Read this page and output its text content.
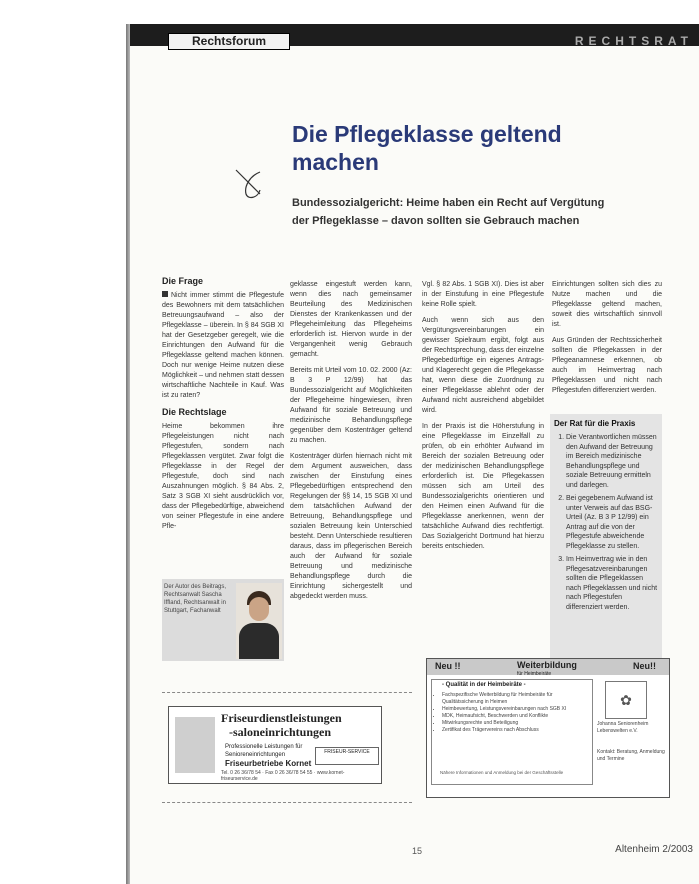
Rechtsforum	RECHTSRAT
Die Pflegeklasse geltend machen

Bundessozialgericht: Heime haben ein Recht auf Vergütung der Pflegeklasse – davon sollten sie Gebrauch machen

Die Frage

Nicht immer stimmt die Pflegestufe des Bewohners mit dem tatsächlichen Betreuungsaufwand – also der Pflegeklasse – überein. In § 84 SGB XI hat der Gesetzgeber geregelt, wie die Einrichtungen den Aufwand für die Pflegeklasse geltend machen können. Doch nur wenige Heime nutzen diese Möglichkeit – und nehmen statt dessen wirtschaftliche Nachteile in Kauf. Was ist zu raten?

Die Rechtslage

Heime bekommen ihre Pflegeleistungen nicht nach Pflegestufen, sondern nach Pflegeklassen vergütet. Zwar folgt die Pflegeklasse in der Regel der Pflegestufe, doch sind nach Auszahnungen möglich. § 84 Abs. 2, Satz 3 SGB XI sieht ausdrücklich vor, dass der Pflegebedürftige, abweichend von seiner Pflegestufe in eine andere Pfle-

Der Autor des Beitrags, Rechtsanwalt Sascha Iffland, Rechtsanwalt in Stuttgart, Fachanwalt

geklasse eingestuft werden kann, wenn dies nach gemeinsamer Beurteilung des Medizinischen Dienstes der Krankenkassen und der Pflegeheimleitung das Pflegeheims erforderlich ist. Hiervon wurde in der Vergangenheit wenig Gebrauch gemacht.

Bereits mit Urteil vom 10. 02. 2000 (Az: B 3 P 12/99) hat das Bundessozialgericht auf Möglichkeiten der Pflegeheime hingewiesen, ihren Aufwand für soziale Betreuung und medizinische Behandlungspflege gegenüber dem Kostenträger geltend zu machen.

Kostenträger dürfen hiernach nicht mit dem Argument ausweichen, dass zwischen der Einstufung eines Pflegebedürftigen entsprechend den Regelungen der §§ 14, 15 SGB XI und dem tatsächlichen Aufwand der Betreuung, Behandlungspflege und sozialen Betreuung kein Unterschied besteht. Denn Unterschiede resultieren daraus, dass im pflegerischen Bereich auch der Aufwand für soziale Betreuung und medizinische Behandlungspflege durch die Einrichtung sichergestellt und abgedeckt werden muss.

Vgl. § 82 Abs. 1 SGB XI). Dies ist aber in der Einstufung in eine Pflegestufe keine Rolle spielt.

Auch wenn sich aus den Vergütungsvereinbarungen ein gewisser Spielraum ergibt, folgt aus der Rechtsprechung, dass der einzelne Pflegebedürftige ein eigenes Antrags- und Klagerecht gegen die Pflegekasse hat, wenn diese die Zuordnung zu einer Pflegeklasse ablehnt oder der Aufwand nicht ausreichend abgebildet wird.

In der Praxis ist die Höherstufung in eine Pflegeklasse im Einzelfall zu prüfen, ob ein erhöhter Aufwand im Bereich der sozialen Betreuung oder der medizinischen Behandlungspflege erforderlich ist. Die Pflegekassen müssen sich am Urteil des Bundessozialgerichts orientieren und den Heimen einen Aufwand für die Pflegeklasse anerkennen, wenn der tatsächliche Aufwand dies rechtfertigt. Das Sozialgericht Dortmund hat hierzu bereits entschieden.

Einrichtungen sollten sich dies zu Nutze machen und die Pflegeklasse geltend machen, soweit dies wirtschaftlich sinnvoll ist.

Aus Gründen der Rechtssicherheit sollten die Pflegekassen in der Pflegeanamnese erkennen, ob auch im Heimvertrag nach Pflegeklassen und nicht nach Pflegestufen differenziert werden.

Der Rat für die Praxis
1. Die Verantwortlichen müssen den Aufwand der Betreuung im Bereich medizinische Behandlungspflege und soziale Betreuung ermitteln und darlegen.
2. Bei gegebenem Aufwand ist unter Verweis auf das BSG-Urteil (Az. B 3 P 12/99) ein Antrag auf die von der Pflegestufe abweichende Pflegeklasse zu stellen.
3. Im Heimvertrag wie in den Pflegesatzvereinbarungen sollten die Pflegeklassen nach Pflegeklassen und nicht nach Pflegestufen differenziert werden.
Friseurdienstleistungen
-saloneinrichtungen
Professionelle Leistungen für Senioreneinrichtungen
Friseurbetriebe Kornet
FRISEUR-SERVICE
Tel. 0 26 36/78 54 · Fax 0 26 36/78 54 55 · www.kornet-friseurservice.de
Neu !!	Weiterbildung	Neu!!
für Heimbeiräte
- Qualität in der Heimbeiräte -
• Fachspezifische Weiterbildung für Heimbeiräte für Qualitätssicherung in Heimen
• Heimbewertung, Leistungsvereinbarungen nach SGB XI
• MDK, Heimaufsicht, Beschwerden und Konflikte
• Mitwirkungsrechte und Beteiligung
• Zertifikat des Trägervereins nach Abschluss
Nähere Informationen und Anmeldung bei der Geschäftsstelle
✿
Johanna Seniorenheim Lebenswelten e.V.
Kontakt: Beratung, Anmeldung und Termine
15	Altenheim 2/2003
